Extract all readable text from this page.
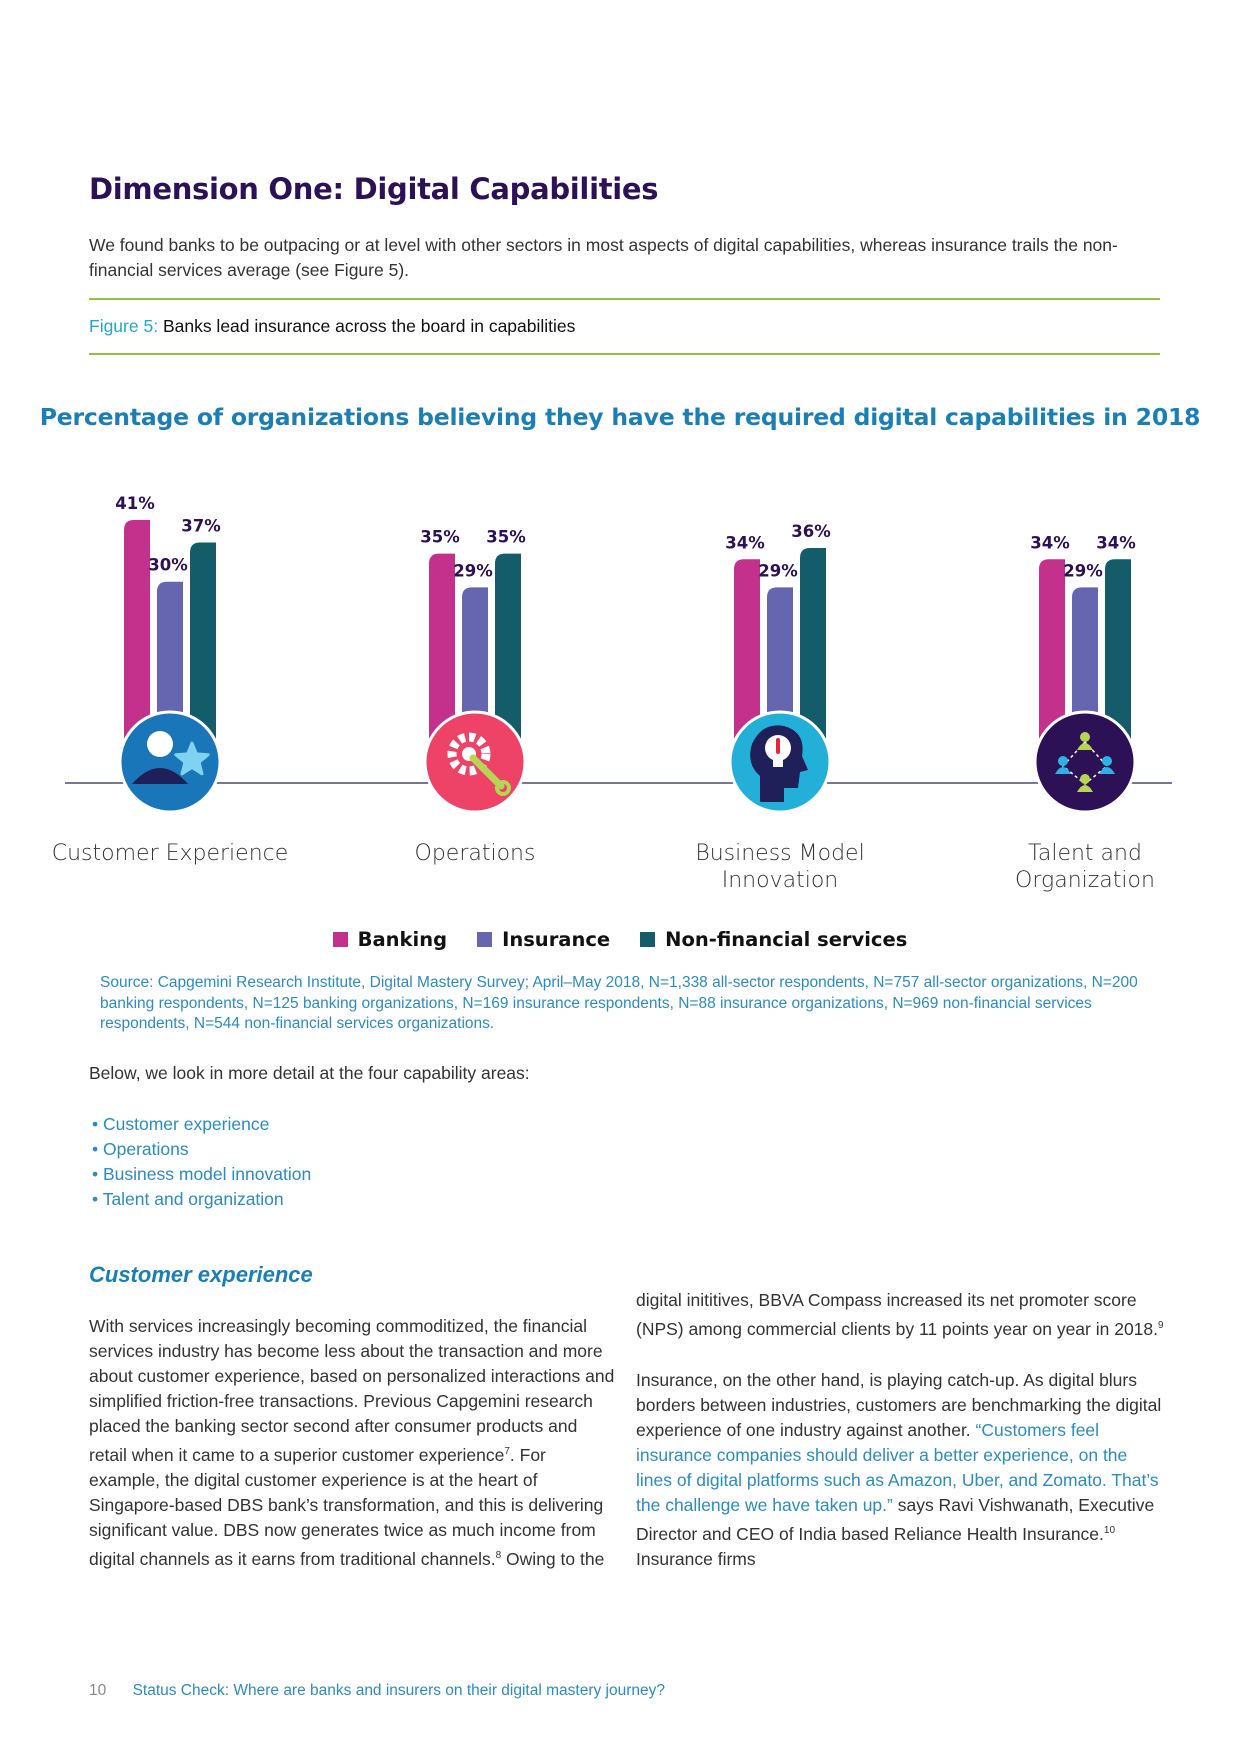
Dimension One: Digital Capabilities

We found banks to be outpacing or at level with other sectors in most aspects of digital capabilities, whereas insurance trails the non-financial services average (see Figure 5).

Figure 5: Banks lead insurance across the board in capabilities
Percentage of organizations believing they have the required digital capabilities in 2018
41%
30%
37%
35%
29%
35%	34%
29%
36%
34%
29%
34%
Customer Experience	Operations	Business Model
Innovation
Talent and
Organization
Banking	Insurance	Non-financial services

Source: Capgemini Research Institute, Digital Mastery Survey; April–May 2018, N=1,338 all-sector respondents, N=757 all-sector organizations, N=200 banking respondents, N=125 banking organizations, N=169 insurance respondents, N=88 insurance organizations, N=969 non-financial services respondents, N=544 non-financial services organizations.

Below, we look in more detail at the four capability areas:

• Customer experience
• Operations
• Business model innovation
• Talent and organization
Customer experience

With services increasingly becoming commoditized, the financial services industry has become less about the transaction and more about customer experience, based on personalized interactions and simplified friction-free transactions. Previous Capgemini research placed the banking sector second after consumer products and retail when it came to a superior customer experience$^7$. For example, the digital customer experience is at the heart of Singapore-based DBS bank’s transformation, and this is delivering significant value. DBS now generates twice as much income from digital channels as it earns from traditional channels.$^8$ Owing to the

digital inititives, BBVA Compass increased its net promoter score (NPS) among commercial clients by 11 points year on year in 2018.$^9$

Insurance, on the other hand, is playing catch-up. As digital blurs borders between industries, customers are benchmarking the digital experience of one industry against another. “Customers feel insurance companies should deliver a better experience, on the lines of digital platforms such as Amazon, Uber, and Zomato. That’s the challenge we have taken up.” says Ravi Vishwanath, Executive Director and CEO of India based Reliance Health Insurance.$^{10}$ Insurance firms

10 Status Check: Where are banks and insurers on their digital mastery journey?
